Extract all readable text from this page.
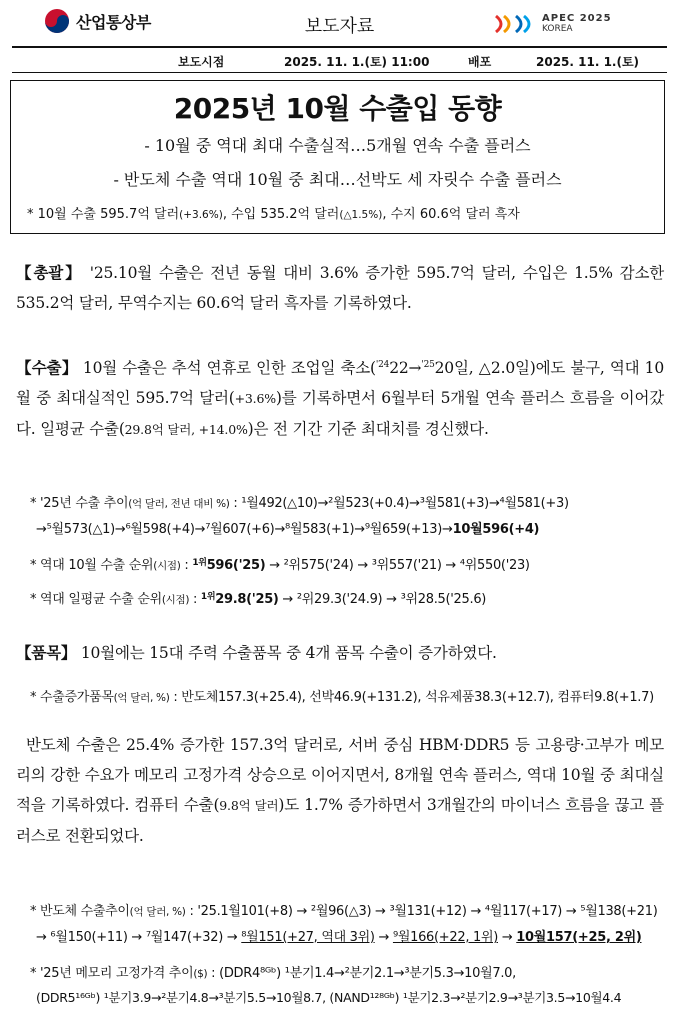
산업통상부	보도자료	APEC 2025
KOREA
보도시점	2025. 11. 1.(토) 11:00	배포	2025. 11. 1.(토)
2025년 10월 수출입 동향
- 10월 중 역대 최대 수출실적…5개월 연속 수출 플러스
- 반도체 수출 역대 10월 중 최대…선박도 세 자릿수 수출 플러스
* 10월 수출 595.7억 달러(+3.6%), 수입 535.2억 달러(△1.5%), 수지 60.6억 달러 흑자
【총괄】 '25.10월 수출은 전년 동월 대비 3.6% 증가한 595.7억 달러, 수입은 1.5% 감소한 535.2억 달러, 무역수지는 60.6억 달러 흑자를 기록하였다.
【수출】 10월 수출은 추석 연휴로 인한 조업일 축소($^{'24}$22→$^{'25}$20일, △2.0일)에도 불구, 역대 10월 중 최대실적인 595.7억 달러(+3.6%)를 기록하면서 6월부터 5개월 연속 플러스 흐름을 이어갔다. 일평균 수출(29.8억 달러, +14.0%)은 전 기간 기준 최대치를 경신했다.
* '25년 수출 추이(억 달러, 전년 대비 %) : ¹월492(△10)→²월523(+0.4)→³월581(+3)→⁴월581(+3)
→⁵월573(△1)→⁶월598(+4)→⁷월607(+6)→⁸월583(+1)→⁹월659(+13)→10월596(+4)
* 역대 10월 수출 순위(시점) : $^{1위}$596('25) → ²위575('24) → ³위557('21) → ⁴위550('23)
* 역대 일평균 수출 순위(시점) : $^{1위}$29.8('25) → ²위29.3('24.9) → ³위28.5('25.6)
【품목】 10월에는 15대 주력 수출품목 중 4개 품목 수출이 증가하였다.
* 수출증가품목(억 달러, %) : 반도체157.3(+25.4), 선박46.9(+131.2), 석유제품38.3(+12.7), 컴퓨터9.8(+1.7)
반도체 수출은 25.4% 증가한 157.3억 달러로, 서버 중심 HBM·DDR5 등 고용량·고부가 메모리의 강한 수요가 메모리 고정가격 상승으로 이어지면서, 8개월 연속 플러스, 역대 10월 중 최대실적을 기록하였다. 컴퓨터 수출(9.8억 달러)도 1.7% 증가하면서 3개월간의 마이너스 흐름을 끊고 플러스로 전환되었다.
* 반도체 수출추이(억 달러, %) : '25.1월101(+8) → ²월96(△3) → ³월131(+12) → ⁴월117(+17) → ⁵월138(+21)
→ ⁶월150(+11) → ⁷월147(+32) → ⁸월151(+27, 역대 3위) → ⁹월166(+22, 1위) → 10월157(+25, 2위)
* '25년 메모리 고정가격 추이($) : (DDR4⁸ᴳᵇ) ¹분기1.4→²분기2.1→³분기5.3→10월7.0,
(DDR5¹⁶ᴳᵇ) ¹분기3.9→²분기4.8→³분기5.5→10월8.7, (NAND¹²⁸ᴳᵇ) ¹분기2.3→²분기2.9→³분기3.5→10월4.4
